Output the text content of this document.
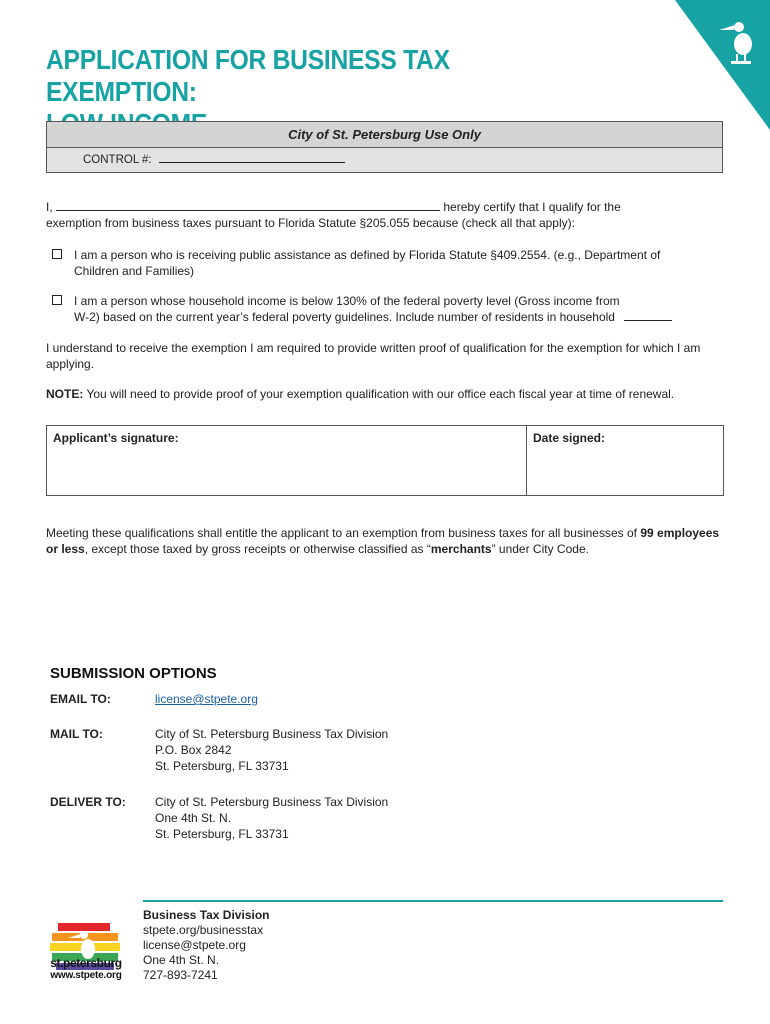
APPLICATION FOR BUSINESS TAX EXEMPTION:
City of St. Petersburg Use Only
CONTROL #:
I,	hereby certify that I qualify for the
exemption from business taxes pursuant to Florida Statute §205.055 because (check all that apply):
I am a person who is receiving public assistance as defined by Florida Statute §409.2554. (e.g., Department of
Children and Families)
I am a person whose household income is below 130% of the federal poverty level (Gross income from
W-2) based on the current year’s federal poverty guidelines. Include number of residents in household
I understand to receive the exemption I am required to provide written proof of qualification for the exemption for which I am applying.
NOTE: You will need to provide proof of your exemption qualification with our office each fiscal year at time of renewal.
Applicant’s signature:	Date signed:
Meeting these qualifications shall entitle the applicant to an exemption from business taxes for all businesses of 99 employees or less, except those taxed by gross receipts or otherwise classified as “merchants” under City Code.
SUBMISSION OPTIONS
EMAIL TO:	license@stpete.org
MAIL TO:	City of St. Petersburg Business Tax Division
P.O. Box 2842
St. Petersburg, FL 33731
DELIVER TO: City of St. Petersburg Business Tax Division
One 4th St. N.
St. Petersburg, FL 33731
st.petersburg
www.stpete.org
Business Tax Division
stpete.org/businesstax
license@stpete.org
One 4th St. N.
727-893-7241
